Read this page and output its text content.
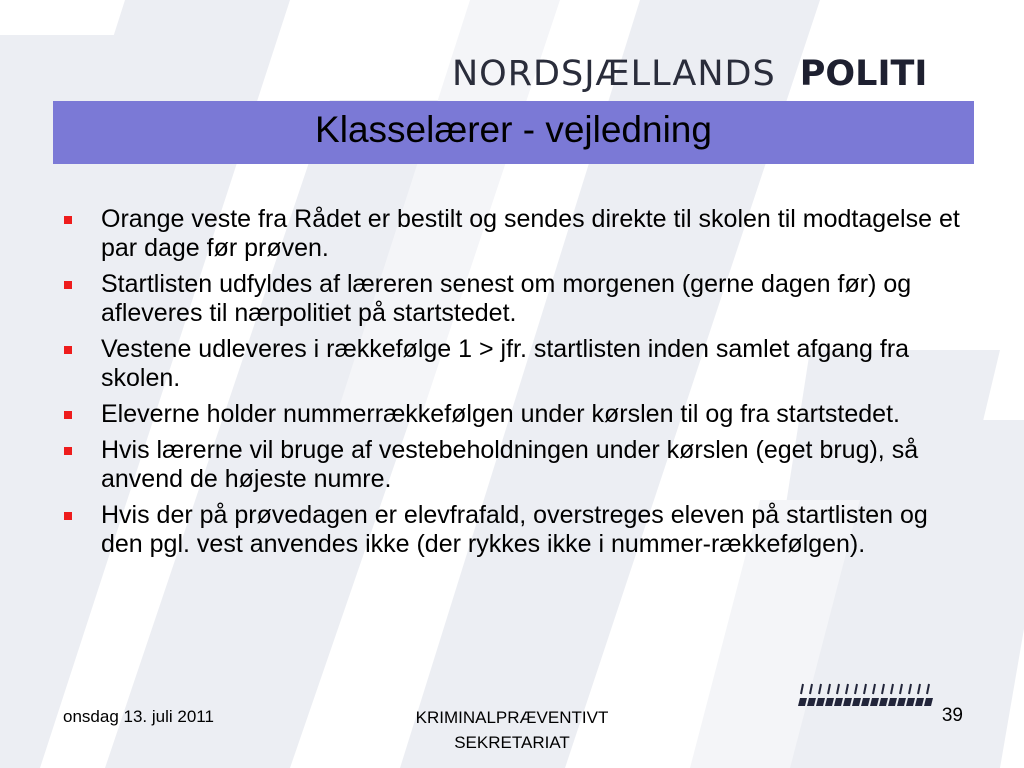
NORDSJÆLLANDS POLITI
Klasselærer - vejledning
Orange veste fra Rådet er bestilt og sendes direkte til skolen til modtagelse et par dage før prøven.
Startlisten udfyldes af læreren senest om morgenen (gerne dagen før) og afleveres til nærpolitiet på startstedet.
Vestene udleveres i rækkefølge 1 > jfr. startlisten inden samlet afgang fra skolen.
Eleverne holder nummerrækkefølgen under kørslen til og fra startstedet.
Hvis lærerne vil bruge af vestebeholdningen under kørslen (eget brug), så anvend de højeste numre.
Hvis der på prøvedagen er elevfrafald, overstreges eleven på startlisten og den pgl. vest anvendes ikke (der rykkes ikke i nummer-rækkefølgen).
onsdag 13. juli 2011	KRIMINALPRÆVENTIVT
SEKRETARIAT
39
